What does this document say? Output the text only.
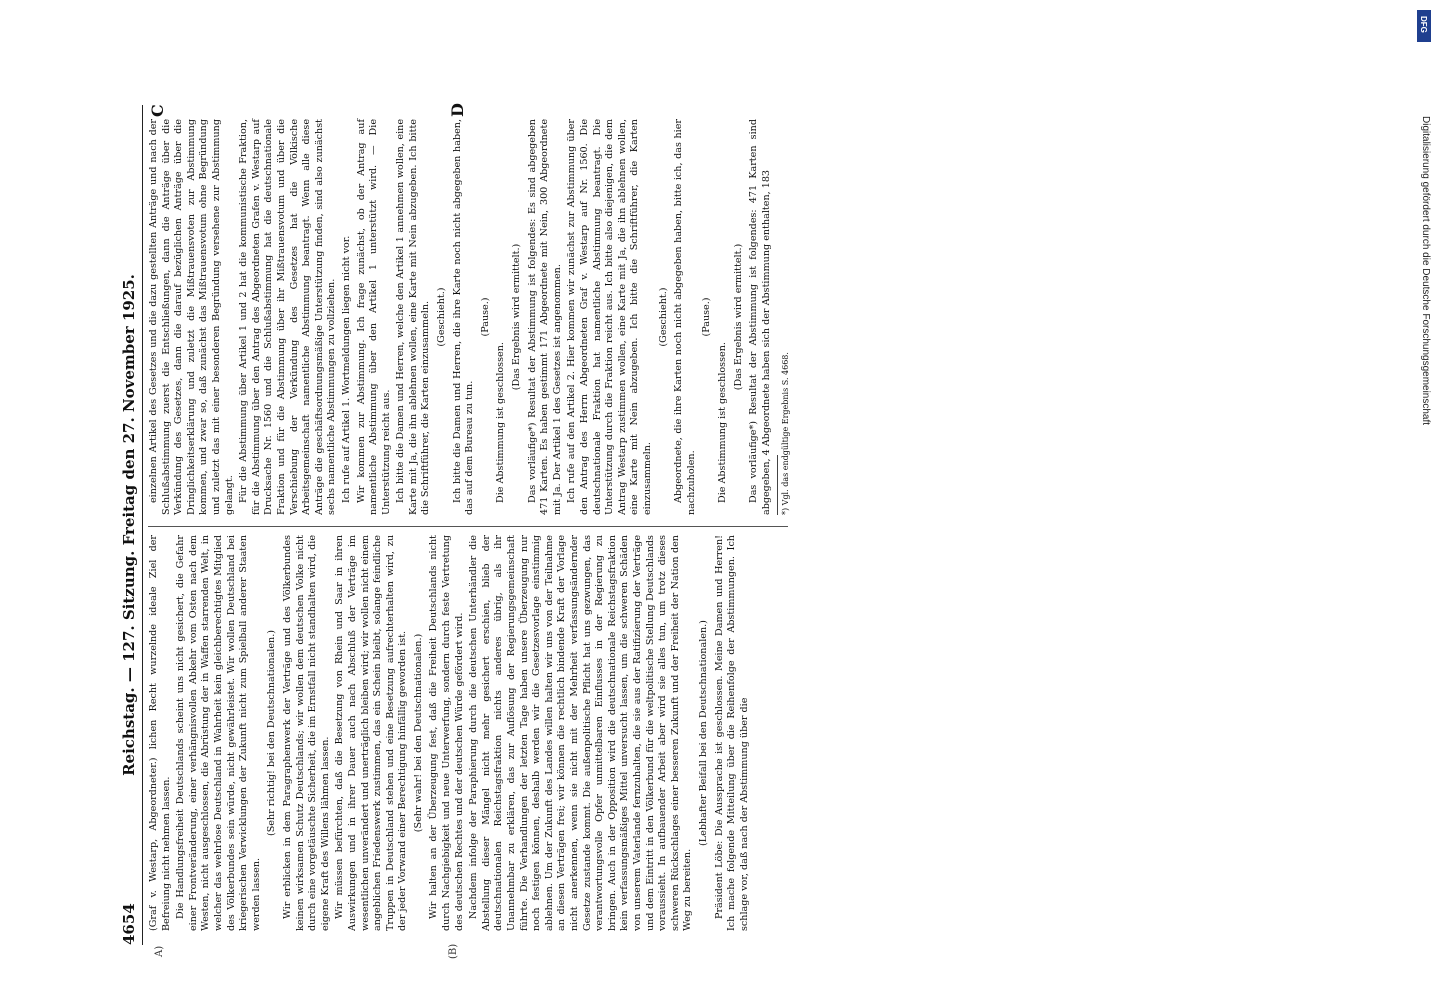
4654
Reichstag. — 127. Sitzung. Freitag den 27. November 1925. (Graf v. Westarp, Abgeordneter.) lichen Recht wurzelnde ideale Ziel der Befreiung nicht nehmen lassen. Die Handlungsfreiheit Deutschlands scheint uns nicht gesichert, die Gefahr einer Frontveränderung, einer verhängnisvollen Abkehr vom Osten nach dem Westen, nicht ausgeschlossen, die Abrüstung der in Waffen starrenden Welt, in welcher das wehrlose Deutschland in Wahrheit kein gleichberechtigtes Mitglied des Völkerbundes sein würde, nicht gewährleistet. Wir wollen Deutschland bei kriegerischen Verwicklungen der Zukunft nicht zum Spielball anderer Staaten werden lassen.

(Sehr richtig! bei den Deutschnationalen.) Wir erblicken in dem Paragraphenwerk der Verträge und des Völkerbundes keinen wirksamen Schutz Deutschlands; wir wollen dem deutschen Volke nicht durch eine vorgetäuschte Sicherheit, die im Ernstfall nicht standhalten wird, die eigene Kraft des Willens lähmen lassen. Wir müssen befürchten, daß die Besetzung von Rhein und Saar in ihren Auswirkungen und in ihrer Dauer auch nach Abschluß der Verträge im wesentlichen unverändert und unerträglich bleiben wird; wir wollen nicht einem angeblichen Friedenswerk zustimmen, das ein Schein bleibt, solange feindliche Truppen in Deutschland stehen und eine Besetzung aufrechterhalten wird, zu der jeder Vorwand einer Berechtigung hinfällig geworden ist. (Sehr wahr! bei den Deutschnationalen.) Wir halten an der Überzeugung fest, daß die Freiheit Deutschlands nicht durch Nachgiebigkeit und neue Unterwerfung, sondern durch feste Vertretung des deutschen Rechtes und der deutschen Würde gefördert wird. Nachdem infolge der Paraphierung durch die deutschen Unterhändler die Abstellung dieser Mängel nicht mehr gesichert erschien, blieb der deutschnationalen Reichstagsfraktion nichts anderes übrig, als ihr Unannehmbar zu erklären, das zur Auflösung der Regierungsgemeinschaft führte. Die Verhandlungen der letzten Tage haben unsere Überzeugung nur noch festigen können, deshalb werden wir die Gesetzesvorlage einstimmig ablehnen. Um der Zukunft des Landes willen halten wir uns von der Teilnahme an diesen Verträgen frei; wir können die rechtlich bindende Kraft der Vorlage nicht anerkennen, wenn sie nicht mit der Mehrheit verfassungsändernder Gesetze zustande kommt. Die außenpolitische Pflicht hat uns gezwungen, das verantwortungsvolle Opfer unmittelbaren Einflusses in der Regierung zu bringen. Auch in der Opposition wird die deutschnationale Reichstagsfraktion kein verfassungsmäßiges Mittel unversucht lassen, um die schweren Schäden von unserem Vaterlande fernzuhalten, die sie aus der Ratifizierung der Verträge und dem Eintritt in den Völkerbund für die weltpolitische Stellung Deutschlands voraussieht. In aufbauender Arbeit aber wird sie alles tun, um trotz dieses schweren Rückschlages einer besseren Zukunft und der Freiheit der Nation den Weg zu bereiten.

(Lebhafter Beifall bei den Deutschnationalen.) Präsident Löbe: Die Aussprache ist geschlossen. Meine Damen und Herren! Ich mache folgende Mitteilung über die Reihenfolge der Abstimmungen. Ich schlage vor, daß nach der Abstimmung über die

einzelnen Artikel des Gesetzes und die dazu gestellten Anträge und nach der Schlußabstimmung zuerst die Entschließungen, dann die Anträge über die Verkündung des Gesetzes, dann die darauf bezüglichen Anträge über die Dringlichkeitserklärung und zuletzt die Mißtrauensvoten zur Abstimmung kommen, und zwar so, daß zunächst das Mißtrauensvotum ohne Begründung und zuletzt das mit einer besonderen Begründung versehene zur Abstimmung gelangt. Für die Abstimmung über Artikel 1 und 2 hat die kommunistische Fraktion, für die Abstimmung über den Antrag des Abgeordneten Grafen v. Westarp auf Drucksache Nr. 1560 und die Schlußabstimmung hat die deutschnationale Fraktion und für die Abstimmung über ihr Mißtrauensvotum und über die Verschiebung der Verkündung des Gesetzes hat die Völkische Arbeitsgemeinschaft namentliche Abstimmung beantragt. Wenn alle diese Anträge die geschäftsordnungsmäßige Unterstützung finden, sind also zunächst sechs namentliche Abstimmungen zu vollziehen. Ich rufe auf Artikel 1. Wortmeldungen liegen nicht vor. Wir kommen zur Abstimmung. Ich frage zunächst, ob der Antrag auf namentliche Abstimmung über den Artikel 1 unterstützt wird. — Die Unterstützung reicht aus. Ich bitte die Damen und Herren, welche den Artikel 1 annehmen wollen, eine Karte mit Ja, die ihn ablehnen wollen, eine Karte mit Nein abzugeben. Ich bitte die Schriftführer, die Karten einzusammeln. (Geschieht.) Ich bitte die Damen und Herren, die ihre Karte noch nicht abgegeben haben, das auf dem Bureau zu tun.

(Pause.)

Die Abstimmung ist geschlossen.

(Das Ergebnis wird ermittelt.) Das vorläufige*) Resultat der Abstimmung ist folgendes: Es sind abgegeben 471 Karten. Es haben gestimmt 171 Abgeordnete mit Nein, 300 Abgeordnete mit Ja. Der Artikel 1 des Gesetzes ist angenommen. Ich rufe auf den Artikel 2. Hier kommen wir zunächst zur Abstimmung über den Antrag des Herrn Abgeordneten Graf v. Westarp auf Nr. 1560. Die deutschnationale Fraktion hat namentliche Abstimmung beantragt. Die Unterstützung durch die Fraktion reicht aus. Ich bitte also diejenigen, die dem Antrag Westarp zustimmen wollen, eine Karte mit Ja, die ihn ablehnen wollen, eine Karte mit Nein abzugeben. Ich bitte die Schriftführer, die Karten einzusammeln.

(Geschieht.) Abgeordnete, die ihre Karten noch nicht abgegeben haben, bitte ich, das hier nachzuholen.

(Pause.)

Die Abstimmung ist geschlossen.

(Das Ergebnis wird ermittelt.) Das vorläufige*) Resultat der Abstimmung ist folgendes: 471 Karten sind abgegeben, 4 Abgeordnete haben sich der Abstimmung enthalten, 183 *) Vgl. das endgültige Ergebnis S. 4668.

A)	(B)
C	D
DFG
Digitalisierung gefördert durch die Deutsche Forschungsgemeinschaft
